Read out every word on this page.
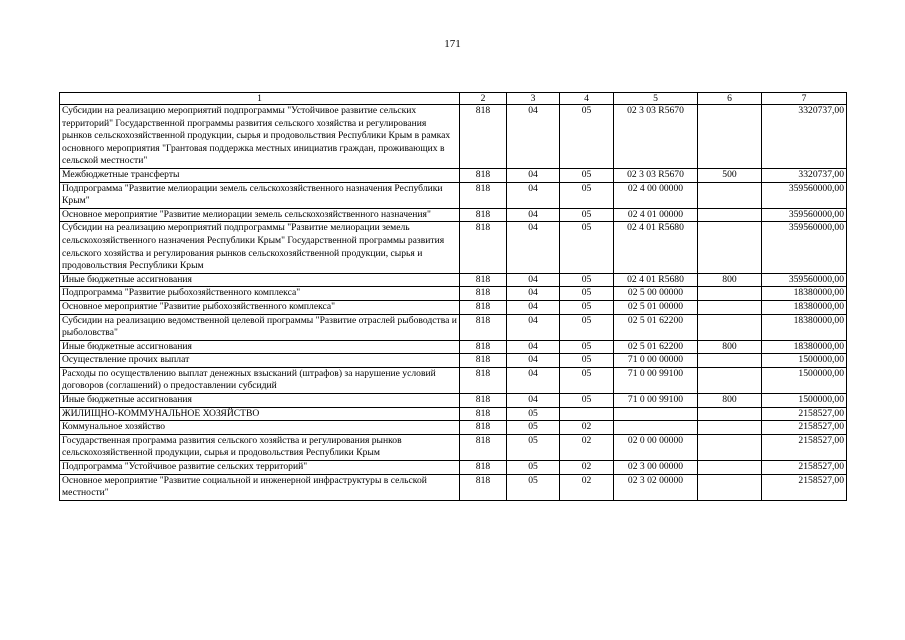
171
1	2	3	4	5	6	7
Субсидии на реализацию мероприятий подпрограммы "Устойчивое развитие сельских территорий" Государственной программы развития сельского хозяйства и регулирования рынков сельскохозяйственной продукции, сырья и продовольствия Республики Крым в рамках основного мероприятия "Грантовая поддержка местных инициатив граждан, проживающих в сельской местности"	818	04	05	02 3 03 R5670		3320737,00
Межбюджетные трансферты	818	04	05	02 3 03 R5670	500	3320737,00
Подпрограмма "Развитие мелиорации земель сельскохозяйственного назначения Республики Крым"	818	04	05	02 4 00 00000		359560000,00
Основное мероприятие "Развитие мелиорации земель сельскохозяйственного назначения"	818	04	05	02 4 01 00000		359560000,00
Субсидии на реализацию мероприятий подпрограммы "Развитие мелиорации земель сельскохозяйственного назначения Республики Крым" Государственной программы развития сельского хозяйства и регулирования рынков сельскохозяйственной продукции, сырья и продовольствия Республики Крым	818	04	05	02 4 01 R5680		359560000,00
Иные бюджетные ассигнования	818	04	05	02 4 01 R5680	800	359560000,00
Подпрограмма "Развитие рыбохозяйственного комплекса"	818	04	05	02 5 00 00000		18380000,00
Основное мероприятие "Развитие рыбохозяйственного комплекса"	818	04	05	02 5 01 00000		18380000,00
Субсидии на реализацию ведомственной целевой программы "Развитие отраслей рыбоводства и рыболовства"	818	04	05	02 5 01 62200		18380000,00
Иные бюджетные ассигнования	818	04	05	02 5 01 62200	800	18380000,00
Осуществление прочих выплат	818	04	05	71 0 00 00000		1500000,00
Расходы по осуществлению выплат денежных взысканий (штрафов) за нарушение условий договоров (соглашений) о предоставлении субсидий	818	04	05	71 0 00 99100		1500000,00
Иные бюджетные ассигнования	818	04	05	71 0 00 99100	800	1500000,00
ЖИЛИЩНО-КОММУНАЛЬНОЕ ХОЗЯЙСТВО	818	05				2158527,00
Коммунальное хозяйство	818	05	02			2158527,00
Государственная программа развития сельского хозяйства и регулирования рынков сельскохозяйственной продукции, сырья и продовольствия Республики Крым	818	05	02	02 0 00 00000		2158527,00
Подпрограмма "Устойчивое развитие сельских территорий"	818	05	02	02 3 00 00000		2158527,00
Основное мероприятие "Развитие социальной и инженерной инфраструктуры в сельской местности"	818	05	02	02 3 02 00000		2158527,00
